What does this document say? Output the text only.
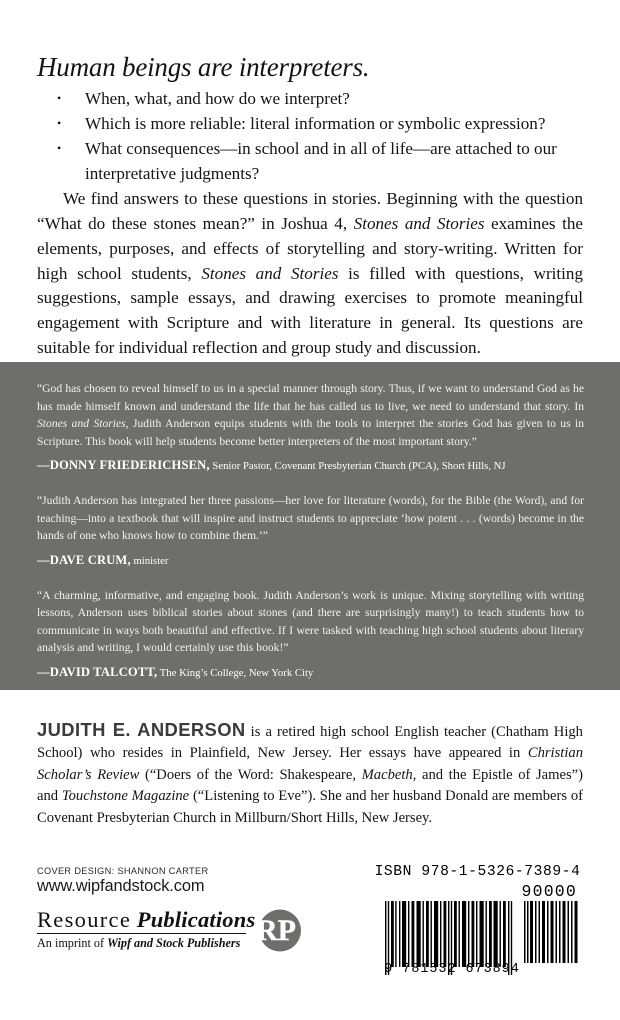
Human beings are interpreters.
• When, what, and how do we interpret?
• Which is more reliable: literal information or symbolic expression?
• What consequences—in school and in all of life—are attached to our interpretative judgments?

We find answers to these questions in stories. Beginning with the question “What do these stones mean?” in Joshua 4, Stones and Stories examines the elements, purposes, and effects of storytelling and story-writing. Written for high school students, Stones and Stories is filled with questions, writing suggestions, sample essays, and drawing exercises to promote meaningful engagement with Scripture and with literature in general. Its questions are suitable for individual reflection and group study and discussion.

“God has chosen to reveal himself to us in a special manner through story. Thus, if we want to understand God as he has made himself known and understand the life that he has called us to live, we need to understand that story. In Stones and Stories, Judith Anderson equips students with the tools to interpret the stories God has given to us in Scripture. This book will help students become better interpreters of the most important story.”

—DONNY FRIEDERICHSEN, Senior Pastor, Covenant Presbyterian Church (PCA), Short Hills, NJ

“Judith Anderson has integrated her three passions—her love for literature (words), for the Bible (the Word), and for teaching—into a textbook that will inspire and instruct students to appreciate ‘how potent . . . (words) become in the hands of one who knows how to combine them.’”

—DAVE CRUM, minister

“A charming, informative, and engaging book. Judith Anderson’s work is unique. Mixing storytelling with writing lessons, Anderson uses biblical stories about stones (and there are surprisingly many!) to teach students how to communicate in ways both beautiful and effective. If I were tasked with teaching high school students about literary analysis and writing, I would certainly use this book!”

—DAVID TALCOTT, The King’s College, New York City

JUDITH E. ANDERSON is a retired high school English teacher (Chatham High School) who resides in Plainfield, New Jersey. Her essays have appeared in Christian Scholar’s Review (“Doers of the Word: Shakespeare, Macbeth, and the Epistle of James”) and Touchstone Magazine (“Listening to Eve”). She and her husband Donald are members of Covenant Presbyterian Church in Millburn/Short Hills, New Jersey.
COVER DESIGN: SHANNON CARTER
www.wipfandstock.com
Resource Publications
An imprint of Wipf and Stock Publishers RP
ISBN 978-1-5326-7389-4
90000
9 781532 673894
